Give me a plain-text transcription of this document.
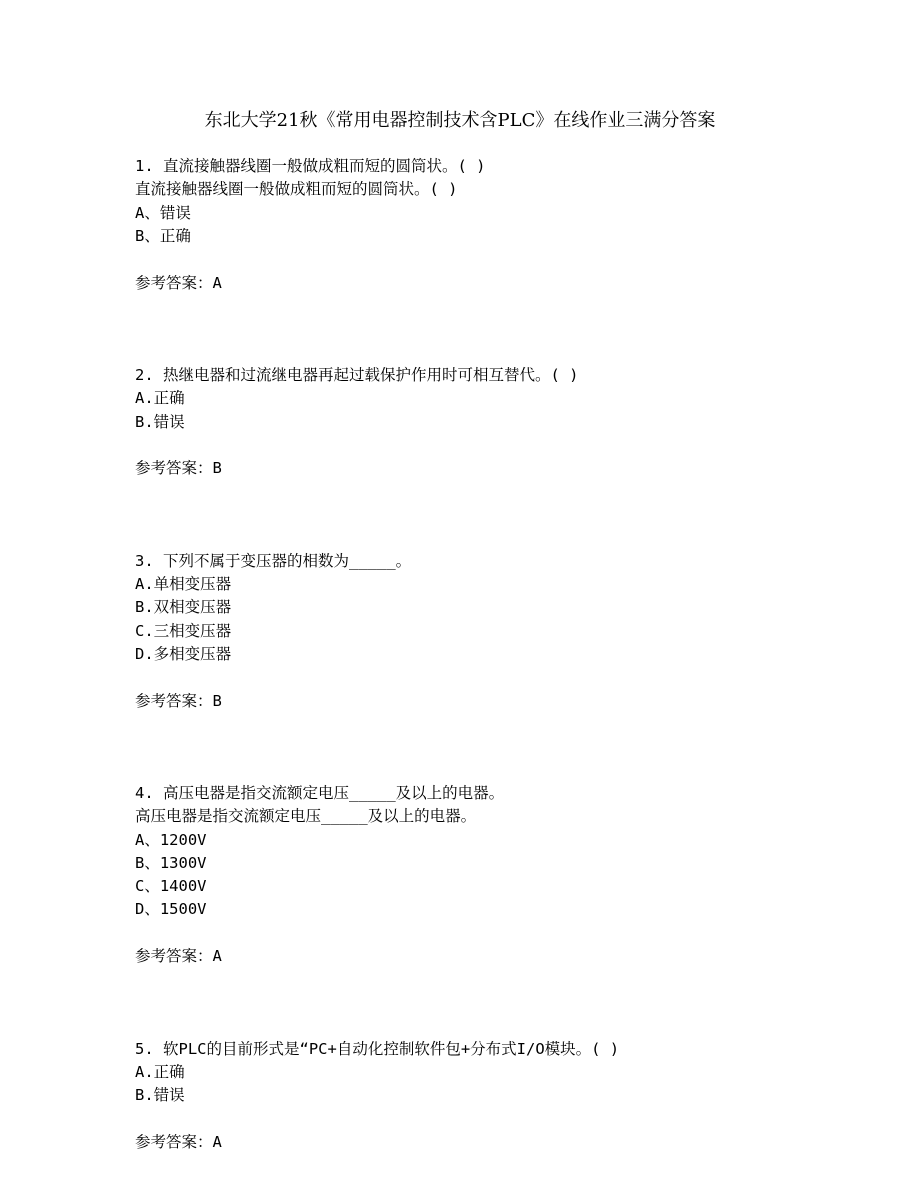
东北大学21秋《常用电器控制技术含PLC》在线作业三满分答案
1. 直流接触器线圈一般做成粗而短的圆筒状。( )
直流接触器线圈一般做成粗而短的圆筒状。( )
A、错误
B、正确
参考答案：A
2. 热继电器和过流继电器再起过载保护作用时可相互替代。( )
A.正确
B.错误
参考答案：B
3. 下列不属于变压器的相数为_____。
A.单相变压器
B.双相变压器
C.三相变压器
D.多相变压器
参考答案：B
4. 高压电器是指交流额定电压_____及以上的电器。
高压电器是指交流额定电压_____及以上的电器。
A、1200V
B、1300V
C、1400V
D、1500V
参考答案：A
5. 软PLC的目前形式是“PC+自动化控制软件包+分布式I/O模块。( )
A.正确
B.错误
参考答案：A
